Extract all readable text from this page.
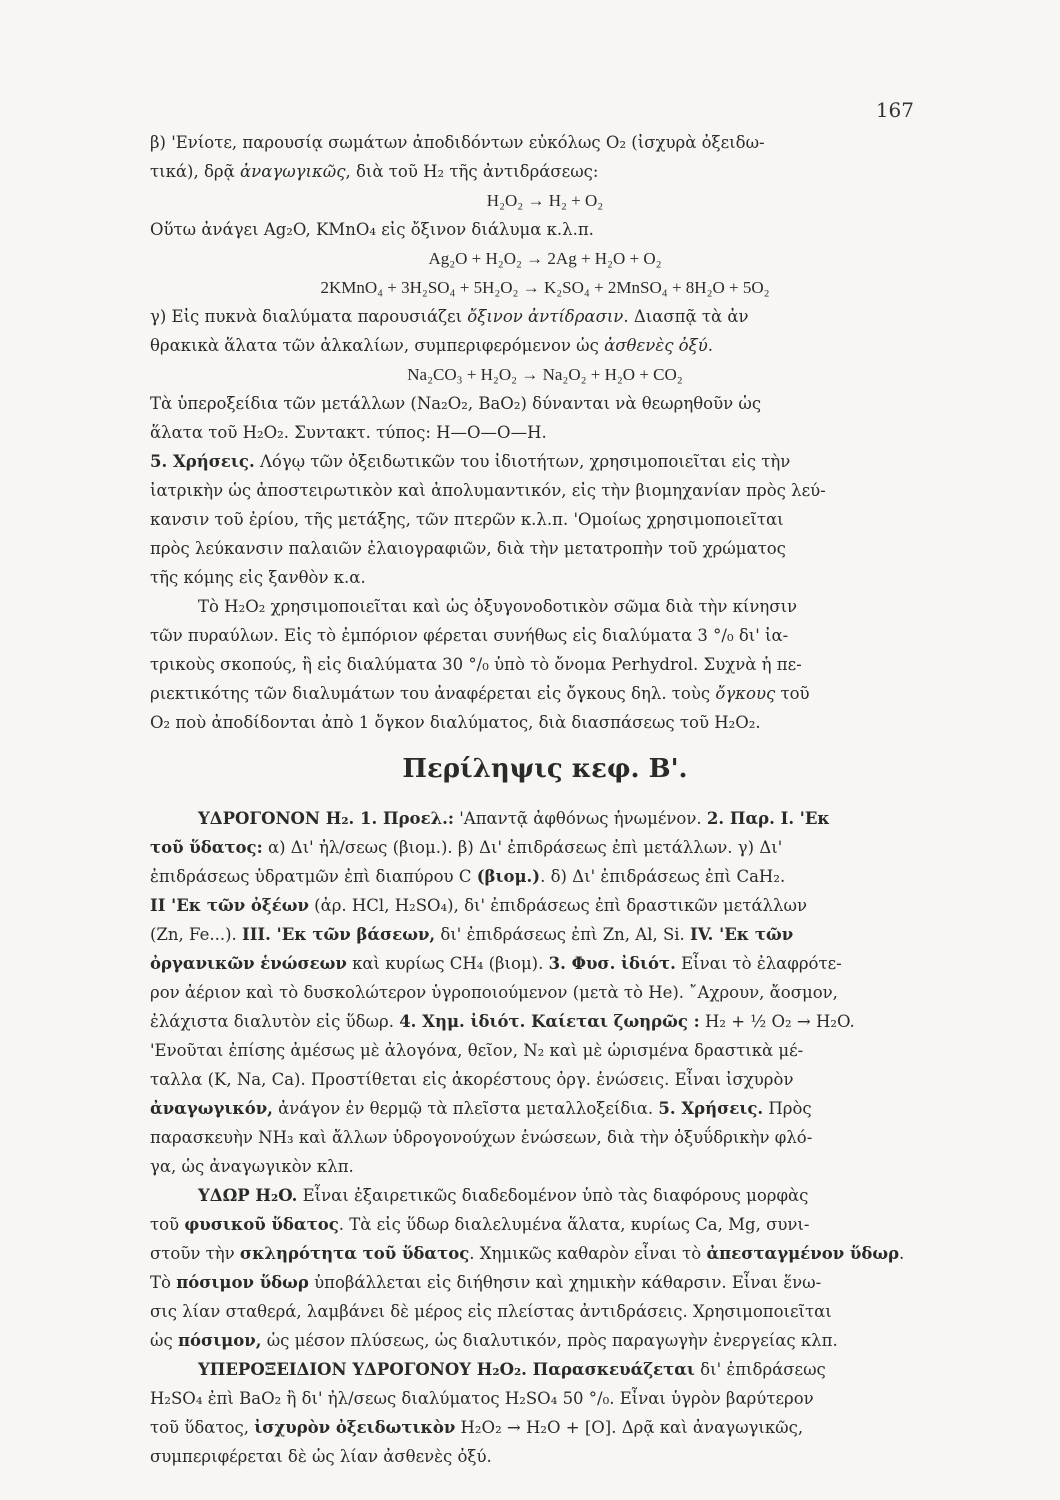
167
β) 'Ενίοτε, παρουσίᾳ σωμάτων ἀποδιδόντων εὐκόλως O₂ (ἰσχυρὰ ὀξειδω-
τικά), δρᾷ ἀναγωγικῶς, διὰ τοῦ H₂ τῆς ἀντιδράσεως:
H₂O₂ → H₂ + O₂
Οὕτω ἀνάγει Ag₂O, KMnO₄ εἰς ὄξινον διάλυμα κ.λ.π.
Ag₂O + H₂O₂ → 2Ag + H₂O + O₂
2KMnO₄ + 3H₂SO₄ + 5H₂O₂ → K₂SO₄ + 2MnSO₄ + 8H₂O + 5O₂
γ) Εἰς πυκνὰ διαλύματα παρουσιάζει ὄξινον ἀντίδρασιν. Διασπᾷ τὰ ἀν
θρακικὰ ἅλατα τῶν ἀλκαλίων, συμπεριφερόμενον ὡς ἀσθενὲς ὀξύ.
Na₂CO₃ + H₂O₂ → Na₂O₂ + H₂O + CO₂
Τὰ ὑπεροξείδια τῶν μετάλλων (Na₂O₂, BaO₂) δύνανται νὰ θεωρηθοῦν ὡς
ἅλατα τοῦ H₂O₂. Συντακτ. τύπος: H—O—O—H.
5. Χρήσεις. Λόγῳ τῶν ὀξειδωτικῶν του ἰδιοτήτων, χρησιμοποιεῖται εἰς τὴν
ἰατρικὴν ὡς ἀποστειρωτικὸν καὶ ἀπολυμαντικόν, εἰς τὴν βιομηχανίαν πρὸς λεύ-
κανσιν τοῦ ἐρίου, τῆς μετάξης, τῶν πτερῶν κ.λ.π. 'Ομοίως χρησιμοποιεῖται
πρὸς λεύκανσιν παλαιῶν ἐλαιογραφιῶν, διὰ τὴν μετατροπὴν τοῦ χρώματος
τῆς κόμης εἰς ξανθὸν κ.α.
Τὸ H₂O₂ χρησιμοποιεῖται καὶ ὡς ὀξυγονοδοτικὸν σῶμα διὰ τὴν κίνησιν
τῶν πυραύλων. Εἰς τὸ ἐμπόριον φέρεται συνήθως εἰς διαλύματα 3 °/₀ δι' ἰα-
τρικοὺς σκοπούς, ἢ εἰς διαλύματα 30 °/₀ ὑπὸ τὸ ὄνομα Perhydrol. Συχνὰ ἡ πε-
ριεκτικότης τῶν διαλυμάτων του ἀναφέρεται εἰς ὄγκους δηλ. τοὺς ὄγκους τοῦ
O₂ ποὺ ἀποδίδονται ἀπὸ 1 ὄγκον διαλύματος, διὰ διασπάσεως τοῦ H₂O₂.
Περίληψις κεφ. Β'.
ΥΔΡΟΓΟΝΟΝ H₂. 1. Προελ.: 'Απαντᾷ ἀφθόνως ἡνωμένον. 2. Παρ. Ι. 'Εκ
τοῦ ὕδατος: α) Δι' ἠλ/σεως (βιομ.). β) Δι' ἐπιδράσεως ἐπὶ μετάλλων. γ) Δι'
ἐπιδράσεως ὑδρατμῶν ἐπὶ διαπύρου C (βιομ.). δ) Δι' ἐπιδράσεως ἐπὶ CaH₂.
ΙΙ 'Εκ τῶν ὀξέων (ἀρ. HCl, H₂SO₄), δι' ἐπιδράσεως ἐπὶ δραστικῶν μετάλλων
(Zn, Fe...). ΙΙΙ. 'Εκ τῶν βάσεων, δι' ἐπιδράσεως ἐπὶ Zn, Al, Si. IV. 'Εκ τῶν
ὀργανικῶν ἑνώσεων καὶ κυρίως CH₄ (βιομ). 3. Φυσ. ἰδιότ. Εἶναι τὸ ἐλαφρότε-
ρον ἀέριον καὶ τὸ δυσκολώτερον ὑγροποιούμενον (μετὰ τὸ He). ῎Αχρουν, ἄοσμον,
ἐλάχιστα διαλυτὸν εἰς ὕδωρ. 4. Χημ. ἰδιότ. Καίεται ζωηρῶς : H₂ + ½ O₂ → H₂O.
'Ενοῦται ἐπίσης ἀμέσως μὲ ἀλογόνα, θεῖον, N₂ καὶ μὲ ὡρισμένα δραστικὰ μέ-
ταλλα (K, Na, Ca). Προστίθεται εἰς ἀκορέστους ὀργ. ἑνώσεις. Εἶναι ἰσχυρὸν
ἀναγωγικόν, ἀνάγον ἐν θερμῷ τὰ πλεῖστα μεταλλοξείδια. 5. Χρήσεις. Πρὸς
παρασκευὴν NH₃ καὶ ἄλλων ὑδρογονούχων ἑνώσεων, διὰ τὴν ὀξυΰδρικὴν φλό-
γα, ὡς ἀναγωγικὸν κλπ.
ΥΔΩΡ H₂O. Εἶναι ἐξαιρετικῶς διαδεδομένον ὑπὸ τὰς διαφόρους μορφὰς
τοῦ φυσικοῦ ὕδατος. Τὰ εἰς ὕδωρ διαλελυμένα ἅλατα, κυρίως Ca, Mg, συνι-
στοῦν τὴν σκληρότητα τοῦ ὕδατος. Χημικῶς καθαρὸν εἶναι τὸ ἀπεσταγμένον ὕδωρ.
Τὸ πόσιμον ὕδωρ ὑποβάλλεται εἰς διήθησιν καὶ χημικὴν κάθαρσιν. Εἶναι ἕνω-
σις λίαν σταθερά, λαμβάνει δὲ μέρος εἰς πλείστας ἀντιδράσεις. Χρησιμοποιεῖται
ὡς πόσιμον, ὡς μέσον πλύσεως, ὡς διαλυτικόν, πρὸς παραγωγὴν ἐνεργείας κλπ.
ΥΠΕΡΟΞΕΙΔΙΟΝ ΥΔΡΟΓΟΝΟΥ H₂O₂. Παρασκευάζεται δι' ἐπιδράσεως
H₂SO₄ ἐπὶ BaO₂ ἢ δι' ἠλ/σεως διαλύματος H₂SO₄ 50 °/₀. Εἶναι ὑγρὸν βαρύτερον
τοῦ ὕδατος, ἰσχυρὸν ὀξειδωτικὸν H₂O₂ → H₂O + [O]. Δρᾷ καὶ ἀναγωγικῶς,
συμπεριφέρεται δὲ ὡς λίαν ἀσθενὲς ὀξύ.
